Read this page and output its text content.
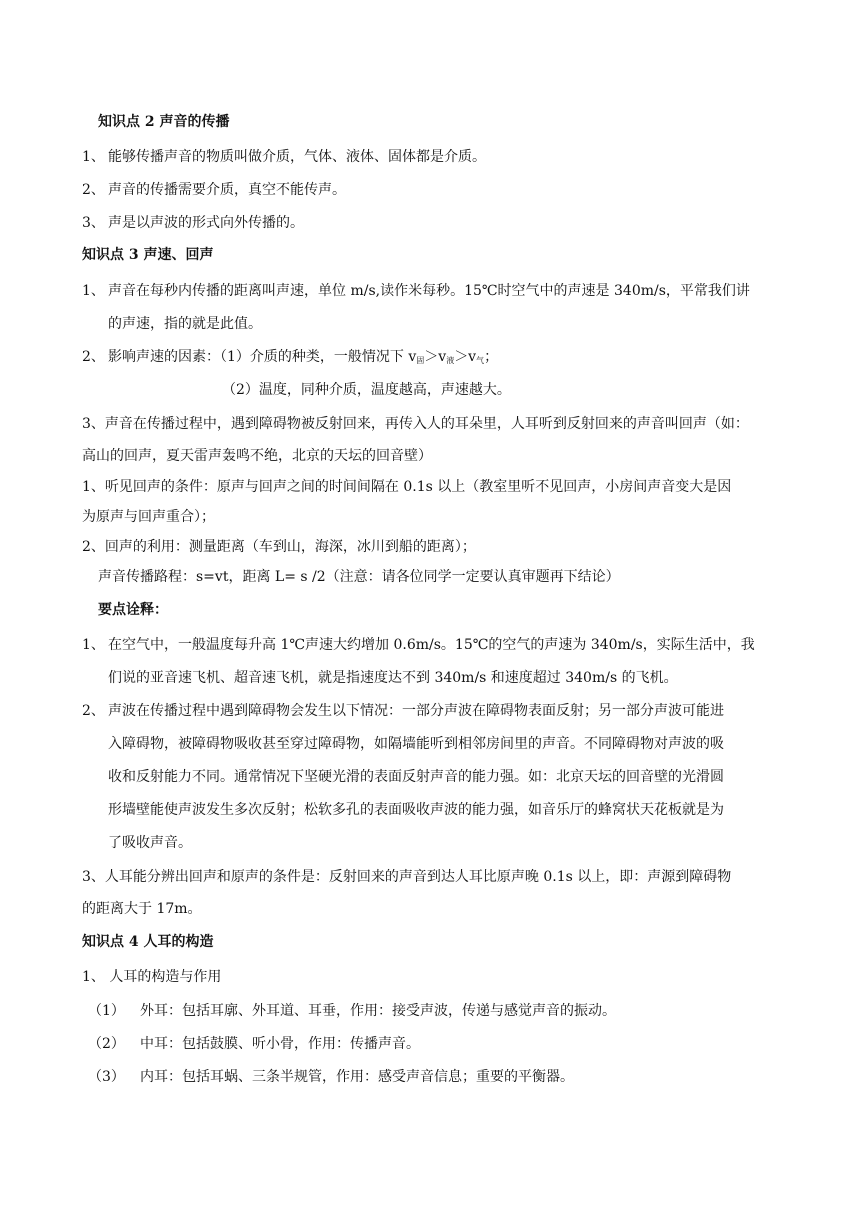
知识点 2 声音的传播
1、 能够传播声音的物质叫做介质，气体、液体、固体都是介质。
2、 声音的传播需要介质，真空不能传声。
3、 声是以声波的形式向外传播的。
知识点 3 声速、回声
1、 声音在每秒内传播的距离叫声速，单位 m/s,读作米每秒。15℃时空气中的声速是 340m/s，平常我们讲
的声速，指的就是此值。
2、 影响声速的因素：（1）介质的种类，一般情况下 $v_固>v_液>v_气$；
（2）温度，同种介质，温度越高，声速越大。
3、声音在传播过程中，遇到障碍物被反射回来，再传入人的耳朵里，人耳听到反射回来的声音叫回声（如：
高山的回声，夏天雷声轰鸣不绝，北京的天坛的回音壁）
1、听见回声的条件：原声与回声之间的时间间隔在 0.1s 以上（教室里听不见回声，小房间声音变大是因
为原声与回声重合）；
2、回声的利用：测量距离（车到山，海深，冰川到船的距离）；
声音传播路程：s=vt，距离 L= s /2（注意：请各位同学一定要认真审题再下结论）
要点诠释：
1、 在空气中，一般温度每升高 1℃声速大约增加 0.6m/s。15℃的空气的声速为 340m/s，实际生活中，我
们说的亚音速飞机、超音速飞机，就是指速度达不到 340m/s 和速度超过 340m/s 的飞机。
2、 声波在传播过程中遇到障碍物会发生以下情况：一部分声波在障碍物表面反射；另一部分声波可能进
入障碍物，被障碍物吸收甚至穿过障碍物，如隔墙能听到相邻房间里的声音。不同障碍物对声波的吸
收和反射能力不同。通常情况下坚硬光滑的表面反射声音的能力强。如：北京天坛的回音壁的光滑圆
形墙壁能使声波发生多次反射；松软多孔的表面吸收声波的能力强，如音乐厅的蜂窝状天花板就是为
了吸收声音。
3、人耳能分辨出回声和原声的条件是：反射回来的声音到达人耳比原声晚 0.1s 以上，即：声源到障碍物
的距离大于 17m。
知识点 4 人耳的构造
1、 人耳的构造与作用
（1） 外耳：包括耳廓、外耳道、耳垂，作用：接受声波，传递与感觉声音的振动。
（2） 中耳：包括鼓膜、听小骨，作用：传播声音。
（3） 内耳：包括耳蜗、三条半规管，作用：感受声音信息；重要的平衡器。
